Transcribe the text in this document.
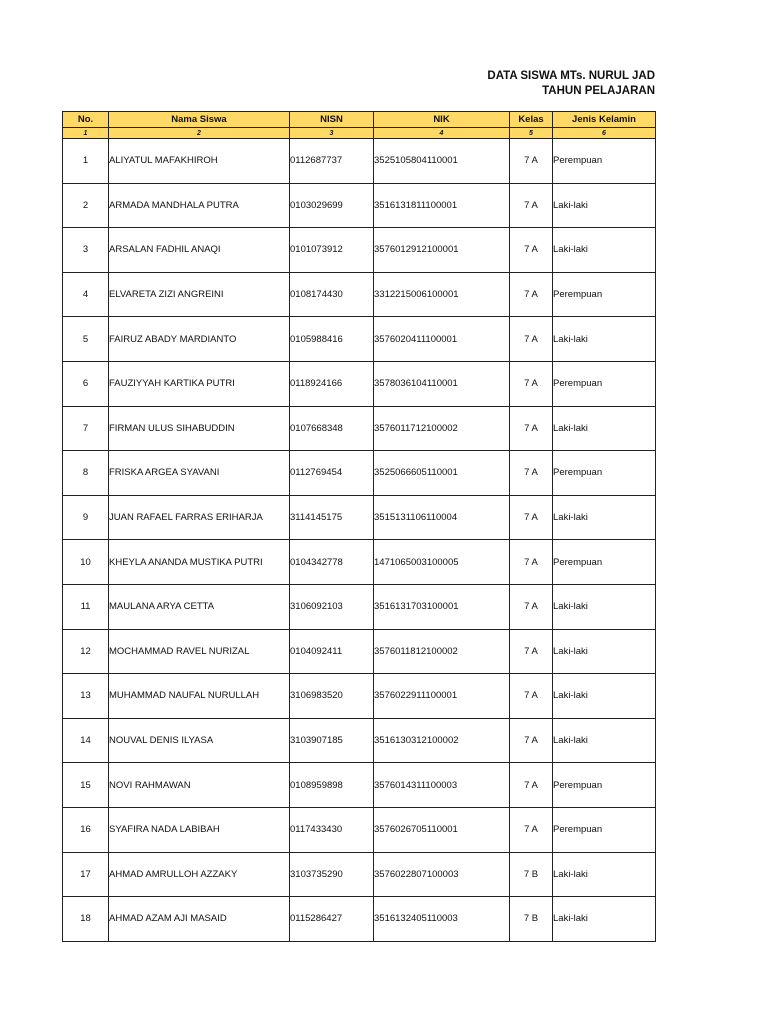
DATA SISWA MTs. NURUL JAD
TAHUN PELAJARAN
No.	Nama Siswa	NISN	NIK	Kelas	Jenis Kelamin
1	2	3	4	5	6
1	ALIYATUL MAFAKHIROH	0112687737	3525105804110001	7 A	Perempuan
2	ARMADA MANDHALA PUTRA	0103029699	3516131811100001	7 A	Laki-laki
3	ARSALAN FADHIL ANAQI	0101073912	3576012912100001	7 A	Laki-laki
4	ELVARETA ZIZI ANGREINI	0108174430	3312215006100001	7 A	Perempuan
5	FAIRUZ ABADY MARDIANTO	0105988416	3576020411100001	7 A	Laki-laki
6	FAUZIYYAH KARTIKA PUTRI	0118924166	3578036104110001	7 A	Perempuan
7	FIRMAN ULUS SIHABUDDIN	0107668348	3576011712100002	7 A	Laki-laki
8	FRISKA ARGEA SYAVANI	0112769454	3525066605110001	7 A	Perempuan
9	JUAN RAFAEL FARRAS ERIHARJA	3114145175	3515131106110004	7 A	Laki-laki
10	KHEYLA ANANDA MUSTIKA PUTRI	0104342778	1471065003100005	7 A	Perempuan
11	MAULANA ARYA CETTA	3106092103	3516131703100001	7 A	Laki-laki
12	MOCHAMMAD RAVEL NURIZAL	0104092411	3576011812100002	7 A	Laki-laki
13	MUHAMMAD NAUFAL NURULLAH	3106983520	3576022911100001	7 A	Laki-laki
14	NOUVAL DENIS ILYASA	3103907185	3516130312100002	7 A	Laki-laki
15	NOVI RAHMAWAN	0108959898	3576014311100003	7 A	Perempuan
16	SYAFIRA NADA LABIBAH	0117433430	3576026705110001	7 A	Perempuan
17	AHMAD AMRULLOH AZZAKY	3103735290	3576022807100003	7 B	Laki-laki
18	AHMAD AZAM AJI MASAID	0115286427	3516132405110003	7 B	Laki-laki
